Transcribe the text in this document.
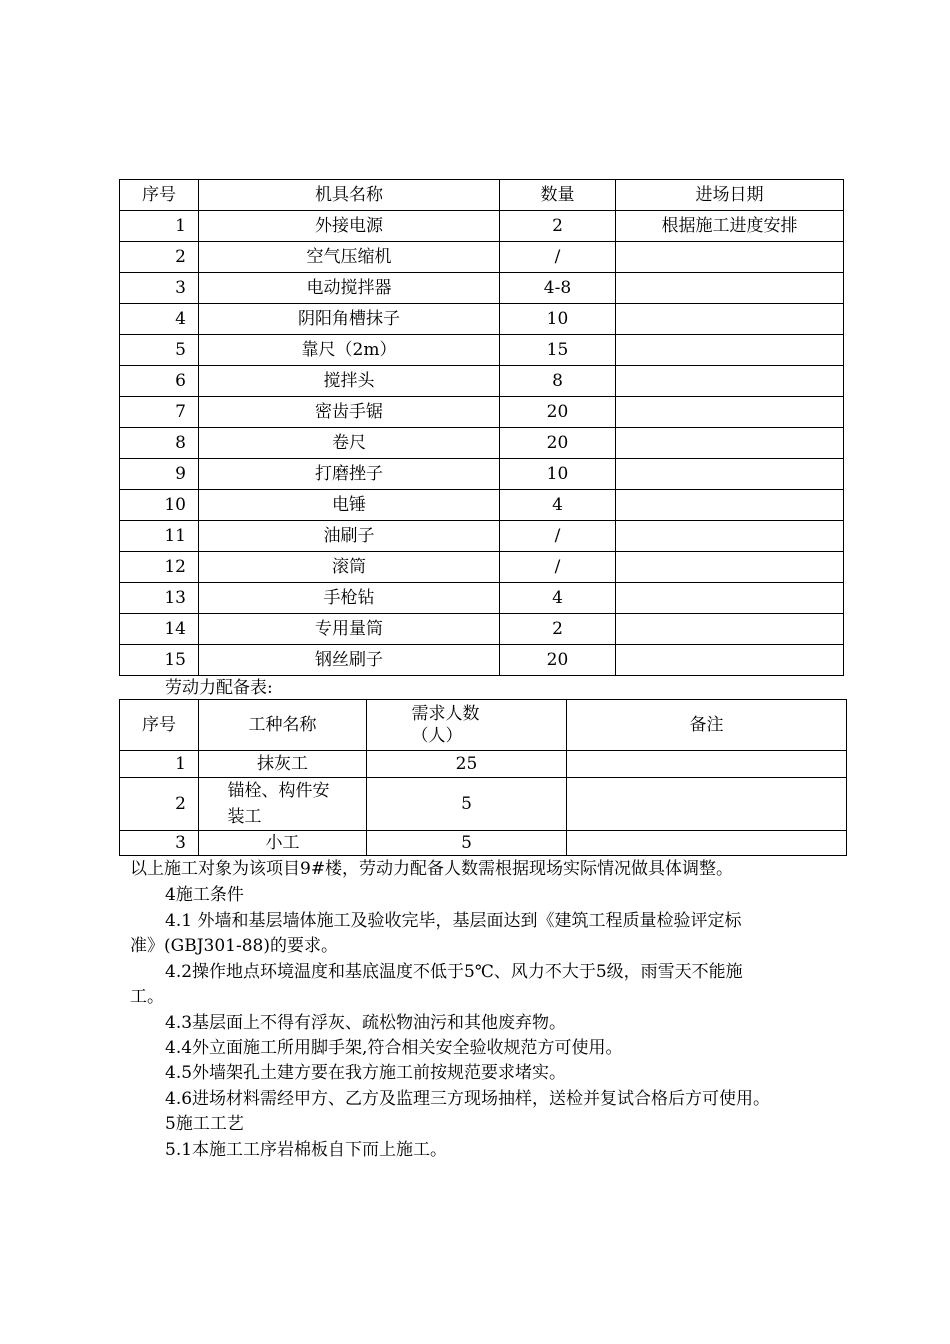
序号	机具名称	数量	进场日期
1	外接电源	2	根据施工进度安排
2	空气压缩机	/	
3	电动搅拌器	4-8	
4	阴阳角槽抹子	10	
5	靠尺（2m）	15	
6	搅拌头	8	
7	密齿手锯	20	
8	卷尺	20	
9	打磨挫子	10	
10	电锤	4	
11	油刷子	/	
12	滚筒	/	
13	手枪钻	4	
14	专用量筒	2	
15	钢丝刷子	20	
劳动力配备表:
序号	工种名称	需求人数（人）	备注
1	抹灰工	25	
2	锚栓、构件安装工	5	
3	小工	5	
以上施工对象为该项目9#楼，劳动力配备人数需根据现场实际情况做具体调整。
4施工条件
4.1 外墙和基层墙体施工及验收完毕，基层面达到《建筑工程质量检验评定标
准》(GBJ301-88)的要求。
4.2操作地点环境温度和基底温度不低于5℃、风力不大于5级，雨雪天不能施
工。
4.3基层面上不得有浮灰、疏松物油污和其他废弃物。
4.4外立面施工所用脚手架,符合相关安全验收规范方可使用。
4.5外墙架孔土建方要在我方施工前按规范要求堵实。
4.6进场材料需经甲方、乙方及监理三方现场抽样，送检并复试合格后方可使用。
5施工工艺
5.1本施工工序岩棉板自下而上施工。
